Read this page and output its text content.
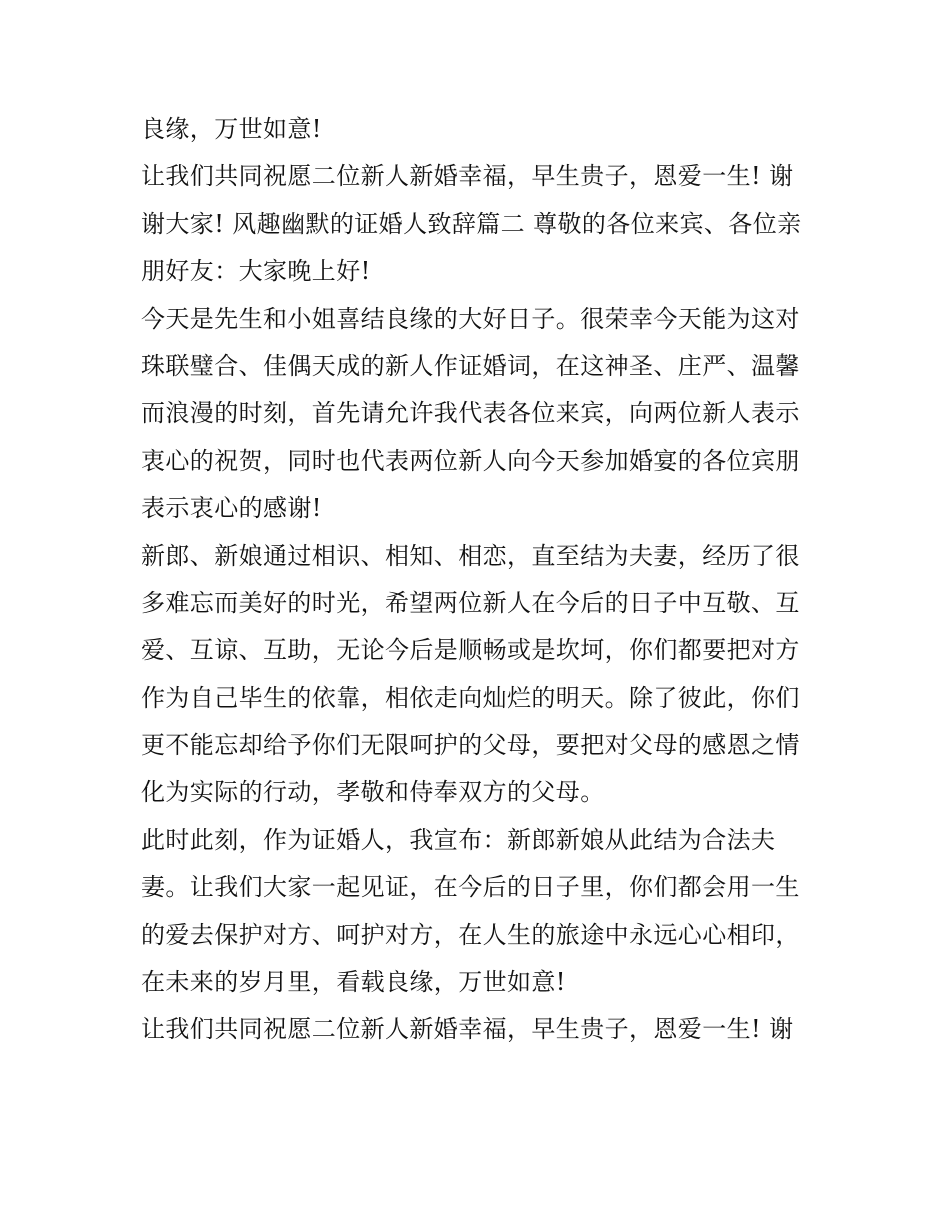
良缘，万世如意!
让我们共同祝愿二位新人新婚幸福，早生贵子，恩爱一生! 谢
谢大家! 风趣幽默的证婚人致辞篇二 尊敬的各位来宾、各位亲
朋好友：大家晚上好!
今天是先生和小姐喜结良缘的大好日子。很荣幸今天能为这对
珠联璧合、佳偶天成的新人作证婚词，在这神圣、庄严、温馨
而浪漫的时刻，首先请允许我代表各位来宾，向两位新人表示
衷心的祝贺，同时也代表两位新人向今天参加婚宴的各位宾朋
表示衷心的感谢!
新郎、新娘通过相识、相知、相恋，直至结为夫妻，经历了很
多难忘而美好的时光，希望两位新人在今后的日子中互敬、互
爱、互谅、互助，无论今后是顺畅或是坎坷，你们都要把对方
作为自己毕生的依靠，相依走向灿烂的明天。除了彼此，你们
更不能忘却给予你们无限呵护的父母，要把对父母的感恩之情
化为实际的行动，孝敬和侍奉双方的父母。
此时此刻，作为证婚人，我宣布：新郎新娘从此结为合法夫
妻。让我们大家一起见证，在今后的日子里，你们都会用一生
的爱去保护对方、呵护对方，在人生的旅途中永远心心相印，
在未来的岁月里，看载良缘，万世如意!
让我们共同祝愿二位新人新婚幸福，早生贵子，恩爱一生! 谢
